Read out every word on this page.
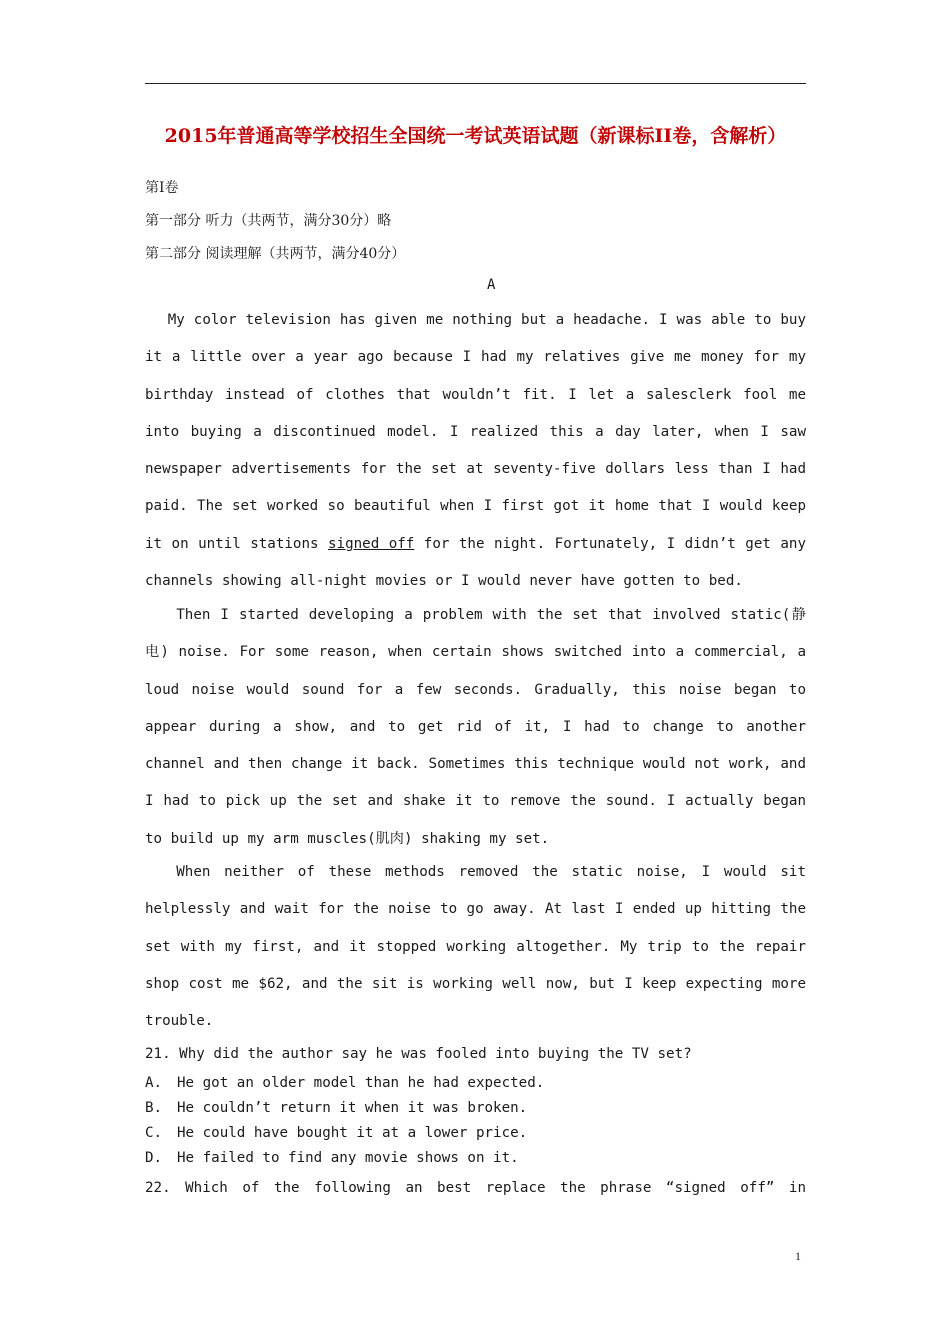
2015年普通高等学校招生全国统一考试英语试题（新课标II卷，含解析）
第I卷
第一部分 听力（共两节，满分30分）略
第二部分 阅读理解（共两节，满分40分）
A

My color television has given me nothing but a headache. I was able to buy it a little over a year ago because I had my relatives give me money for my birthday instead of clothes that wouldn’t fit. I let a salesclerk fool me into buying a discontinued model. I realized this a day later, when I saw newspaper advertisements for the set at seventy-five dollars less than I had paid. The set worked so beautiful when I first got it home that I would keep it on until stations signed off for the night. Fortunately, I didn’t get any channels showing all-night movies or I would never have gotten to bed.

Then I started developing a problem with the set that involved static(静电) noise. For some reason, when certain shows switched into a commercial, a loud noise would sound for a few seconds. Gradually, this noise began to appear during a show, and to get rid of it, I had to change to another channel and then change it back. Sometimes this technique would not work, and I had to pick up the set and shake it to remove the sound. I actually began to build up my arm muscles(肌肉) shaking my set.

When neither of these methods removed the static noise, I would sit helplessly and wait for the noise to go away. At last I ended up hitting the set with my first, and it stopped working altogether. My trip to the repair shop cost me $62, and the sit is working well now, but I keep expecting more trouble.

21. Why did the author say he was fooled into buying the TV set?

A. He got an older model than he had expected.
B. He couldn’t return it when it was broken.
C. He could have bought it at a lower price.
D. He failed to find any movie shows on it.

22. Which of the following an best replace the phrase “signed off” in

1
